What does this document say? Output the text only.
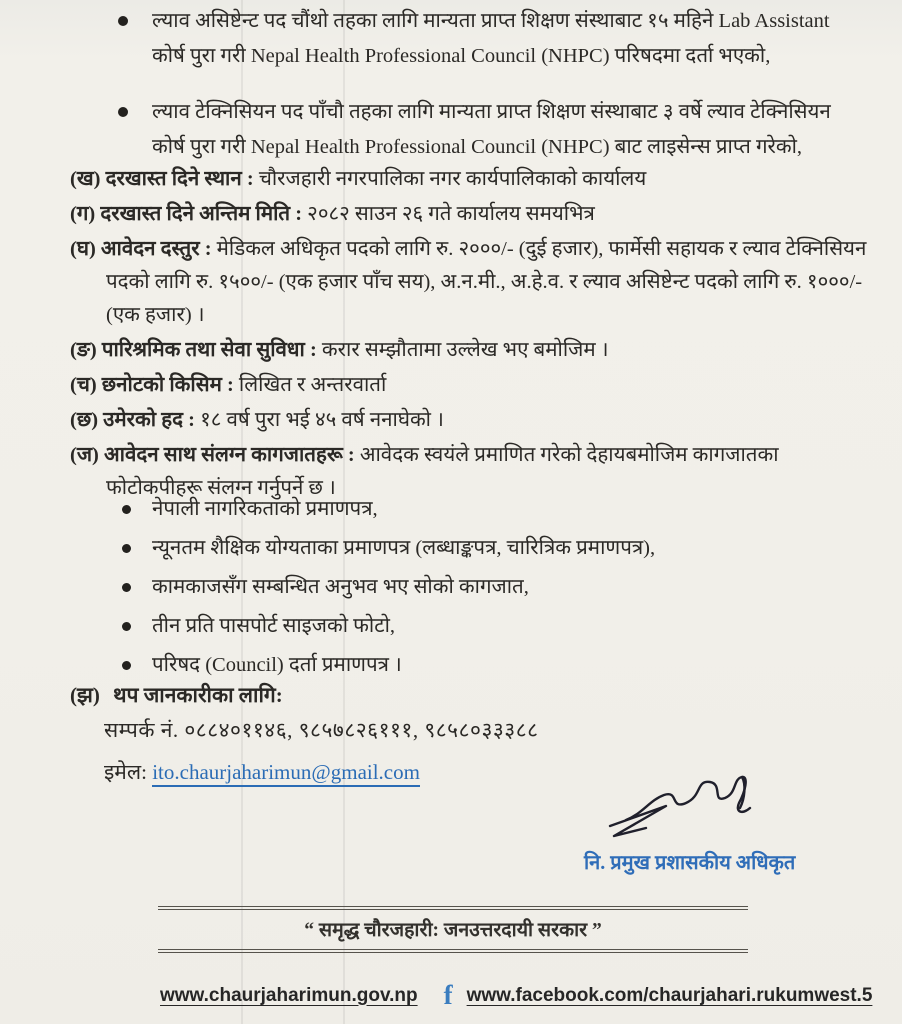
ल्याव असिष्टेन्ट पद चौंथो तहका लागि मान्यता प्राप्त शिक्षण संस्थाबाट १५ महिने Lab Assistant कोर्ष पुरा गरी Nepal Health Professional Council (NHPC) परिषदमा दर्ता भएको,
ल्याव टेक्निसियन पद पाँचौ तहका लागि मान्यता प्राप्त शिक्षण संस्थाबाट ३ वर्षे ल्याव टेक्निसियन कोर्ष पुरा गरी Nepal Health Professional Council (NHPC) बाट लाइसेन्स प्राप्त गरेको,
(ख) दरखास्त दिने स्थान : चौरजहारी नगरपालिका नगर कार्यपालिकाको कार्यालय
(ग) दरखास्त दिने अन्तिम मिति : २०८२ साउन २६ गते कार्यालय समयभित्र
(घ) आवेदन दस्तुर : मेडिकल अधिकृत पदको लागि रु. २०००/- (दुई हजार), फार्मेसी सहायक र ल्याव टेक्निसियन पदको लागि रु. १५००/- (एक हजार पाँच सय), अ.न.मी., अ.हे.व. र ल्याव असिष्टेन्ट पदको लागि रु. १०००/- (एक हजार) ।
(ङ) पारिश्रमिक तथा सेवा सुविधा : करार सम्झौतामा उल्लेख भए बमोजिम ।
(च) छनोटको किसिम : लिखित र अन्तरवार्ता
(छ) उमेरको हद : १८ वर्ष पुरा भई ४५ वर्ष ननाघेको ।
(ज) आवेदन साथ संलग्न कागजातहरू : आवेदक स्वयंले प्रमाणित गरेको देहायबमोजिम कागजातका फोटोकपीहरू संलग्न गर्नुपर्ने छ ।
नेपाली नागरिकताको प्रमाणपत्र,
न्यूनतम शैक्षिक योग्यताका प्रमाणपत्र (लब्धाङ्कपत्र, चारित्रिक प्रमाणपत्र),
कामकाजसँग सम्बन्धित अनुभव भए सोको कागजात,
तीन प्रति पासपोर्ट साइजको फोटो,
परिषद (Council) दर्ता प्रमाणपत्र ।
(झ) थप जानकारीका लागि:
सम्पर्क नं. ०८८४०११४६, ९८५७८२६१११, ९८५८०३३३८८
इमेल: ito.chaurjaharimun@gmail.com
नि. प्रमुख प्रशासकीय अधिकृत
“ समृद्ध चौरजहारी: जनउत्तरदायी सरकार ”
www.chaurjaharimun.gov.np f www.facebook.com/chaurjahari.rukumwest.5
